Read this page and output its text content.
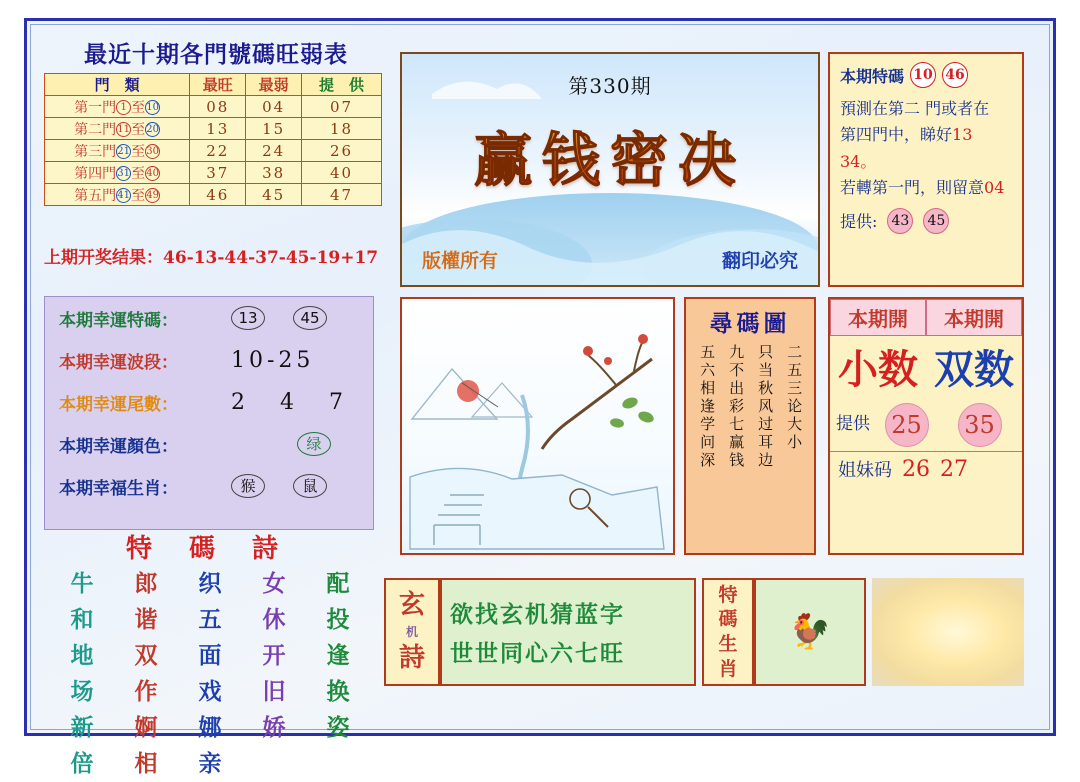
最近十期各門號碼旺弱表
門　類	最旺	最弱	提　供
第一門 1 至10	08	04	07
第二門11至20	13	15	18
第三門21至30	22	24	26
第四門31至40	37	38	40
第五門41至49	46	45	47
上期开奖结果：46-13-44-37-45-19+17
本期幸運特碼：	13	45
本期幸運波段：	10-25
本期幸運尾數：	2 4 7
本期幸運顏色：	绿
本期幸福生肖：	猴	鼠
特 碼 詩
牛	郎	织	女	配
和	谐	五	休	投
地	双	面	开	逢
场	作	戏	旧	换
新	婀	娜	娇	姿
倍	相	亲
第330期
赢钱密决
版權所有	翻印必究
尋碼圖
五六相逢学问深 九不出彩七赢钱 只当秋风过耳边 二五三论大小
本期特碼 10 46
預測在第二 門或者在
第四門中，睇好13 34。
若轉第一門，則留意04
提供: 43 45
本期開	本期開
小数 双数
提供 25 35
姐妹码 26 27
玄
机
詩
欲找玄机猜蓝字
世世同心六七旺
特
碼
生
肖
🐓
